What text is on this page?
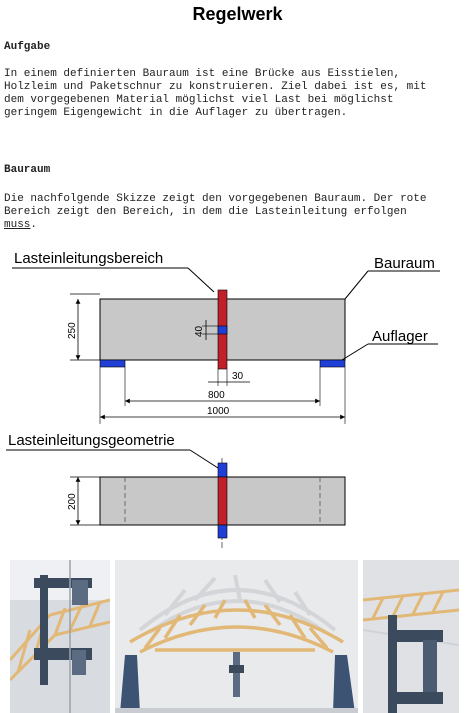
Regelwerk
Aufgabe
In einem definierten Bauraum ist eine Brücke aus Eisstielen,
Holzleim und Paketschnur zu konstruieren. Ziel dabei ist es, mit
dem vorgegebenen Material möglichst viel Last bei möglichst
geringem Eigengewicht in die Auflager zu übertragen.
Bauraum
Die nachfolgende Skizze zeigt den vorgegebenen Bauraum. Der rote
Bereich zeigt den Bereich, in dem die Lasteinleitung erfolgen
muss.
Lasteinleitungsbereich	Bauraum
40
250
30
800
1000
Auflager
Lasteinleitungsgeometrie
200
